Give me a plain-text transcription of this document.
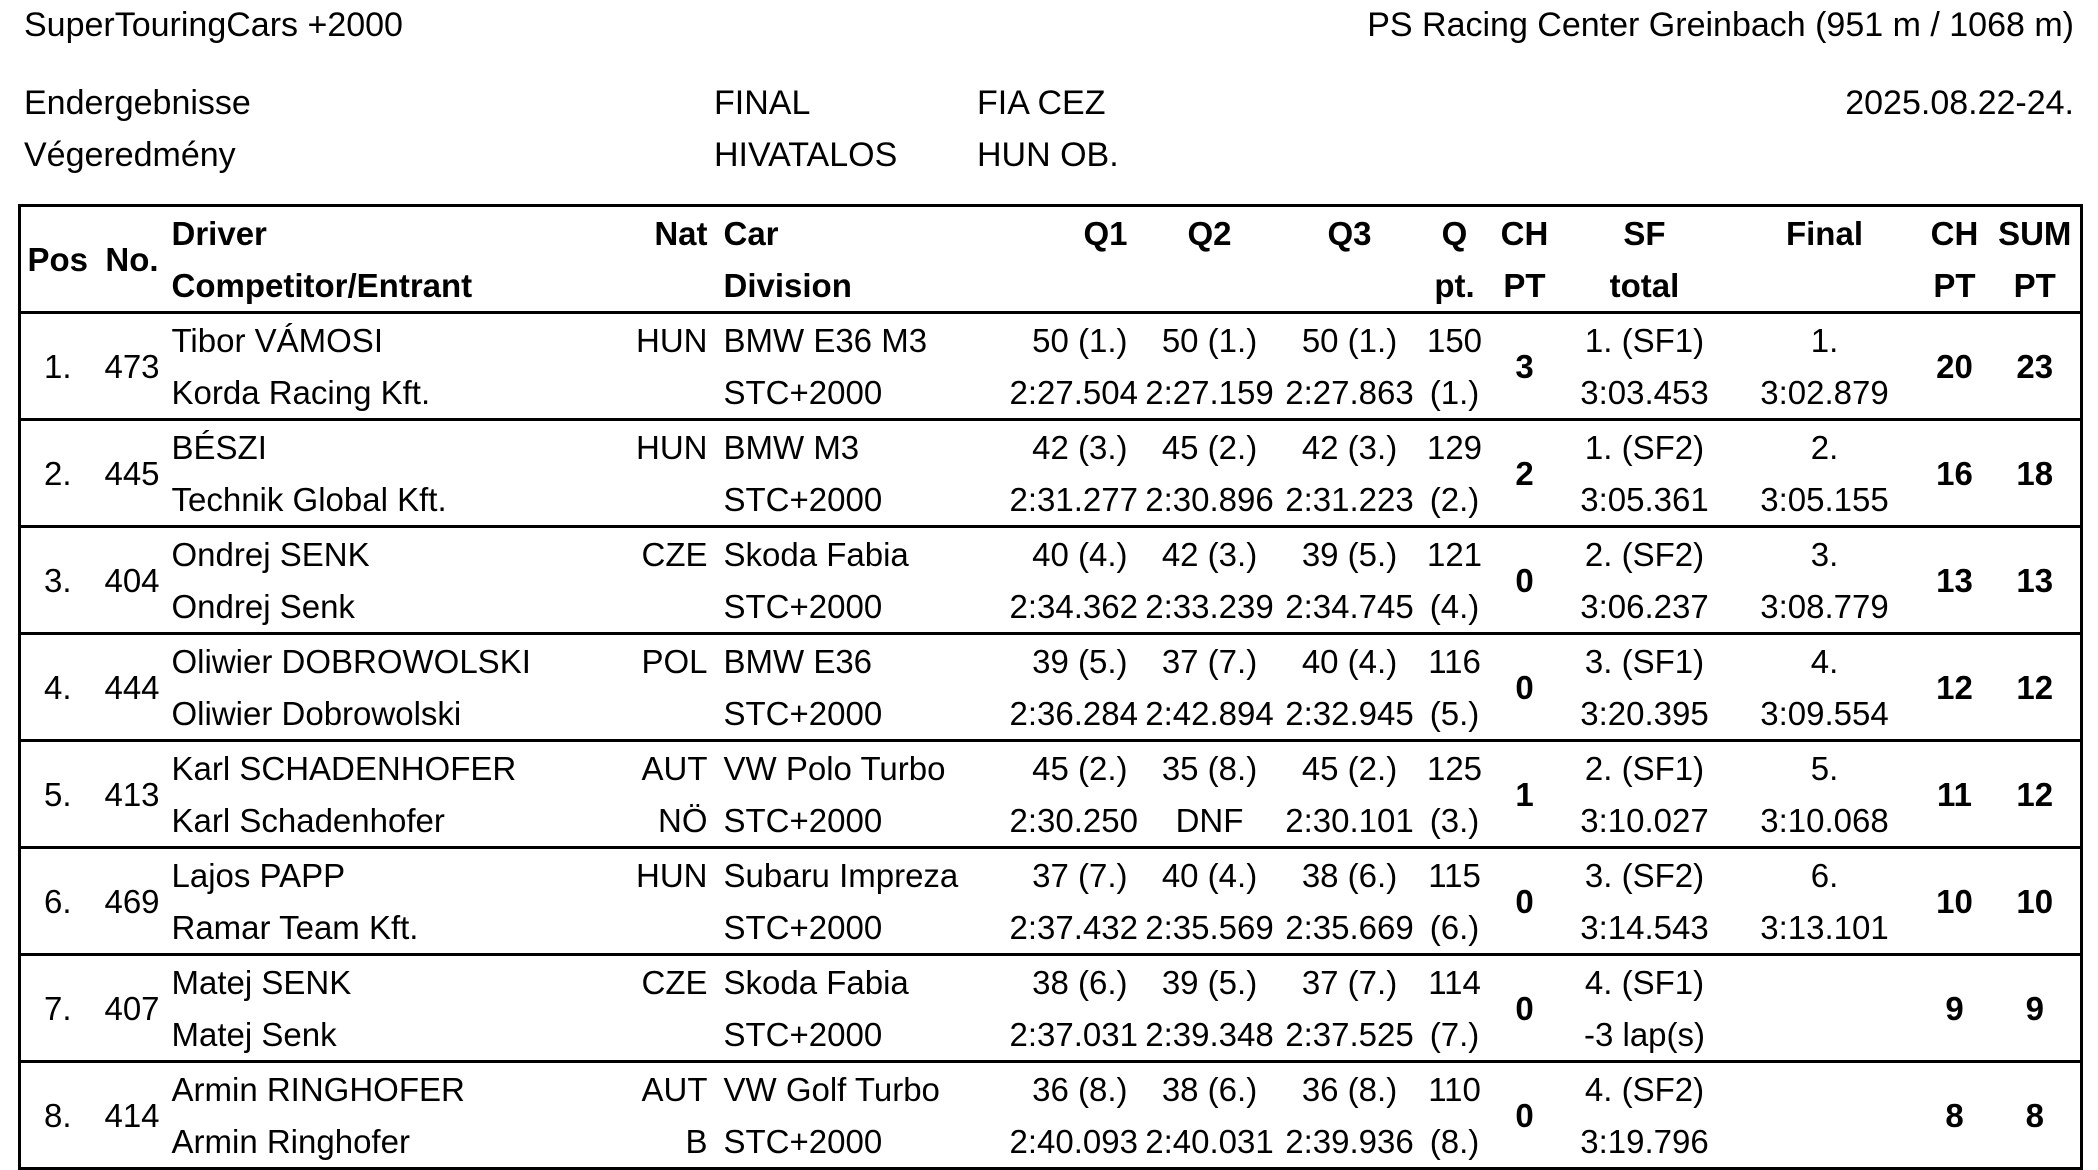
SuperTouringCars +2000	PS Racing Center Greinbach (951 m / 1068 m)
Endergebnisse
Végeredmény
FINAL
HIVATALOS
FIA CEZ
HUN OB.
2025.08.22-24.
Pos	No.	Driver	Nat	Car	Q1	Q2	Q3	Q	CH	SF	Final	CH	SUM
		Competitor/Entrant		Division				pt.	PT	total		PT	PT
1.	473	Tibor VÁMOSI	HUN	BMW E36 M3	50 (1.)	50 (1.)	50 (1.)	150	3	1. (SF1)	1.	20	23
		Korda Racing Kft.		STC+2000	2:27.504	2:27.159	2:27.863	(1.)		3:03.453	3:02.879		
2.	445	BÉSZI	HUN	BMW M3	42 (3.)	45 (2.)	42 (3.)	129	2	1. (SF2)	2.	16	18
		Technik Global Kft.		STC+2000	2:31.277	2:30.896	2:31.223	(2.)		3:05.361	3:05.155		
3.	404	Ondrej SENK	CZE	Skoda Fabia	40 (4.)	42 (3.)	39 (5.)	121	0	2. (SF2)	3.	13	13
		Ondrej Senk		STC+2000	2:34.362	2:33.239	2:34.745	(4.)		3:06.237	3:08.779		
4.	444	Oliwier DOBROWOLSKI	POL	BMW E36	39 (5.)	37 (7.)	40 (4.)	116	0	3. (SF1)	4.	12	12
		Oliwier Dobrowolski		STC+2000	2:36.284	2:42.894	2:32.945	(5.)		3:20.395	3:09.554		
5.	413	Karl SCHADENHOFER	AUT	VW Polo Turbo	45 (2.)	35 (8.)	45 (2.)	125	1	2. (SF1)	5.	11	12
		Karl Schadenhofer	NÖ	STC+2000	2:30.250	DNF	2:30.101	(3.)		3:10.027	3:10.068		
6.	469	Lajos PAPP	HUN	Subaru Impreza	37 (7.)	40 (4.)	38 (6.)	115	0	3. (SF2)	6.	10	10
		Ramar Team Kft.		STC+2000	2:37.432	2:35.569	2:35.669	(6.)		3:14.543	3:13.101		
7.	407	Matej SENK	CZE	Skoda Fabia	38 (6.)	39 (5.)	37 (7.)	114	0	4. (SF1)		9	9
		Matej Senk		STC+2000	2:37.031	2:39.348	2:37.525	(7.)		-3 lap(s)			
8.	414	Armin RINGHOFER	AUT	VW Golf Turbo	36 (8.)	38 (6.)	36 (8.)	110	0	4. (SF2)		8	8
		Armin Ringhofer	B	STC+2000	2:40.093	2:40.031	2:39.936	(8.)		3:19.796			
